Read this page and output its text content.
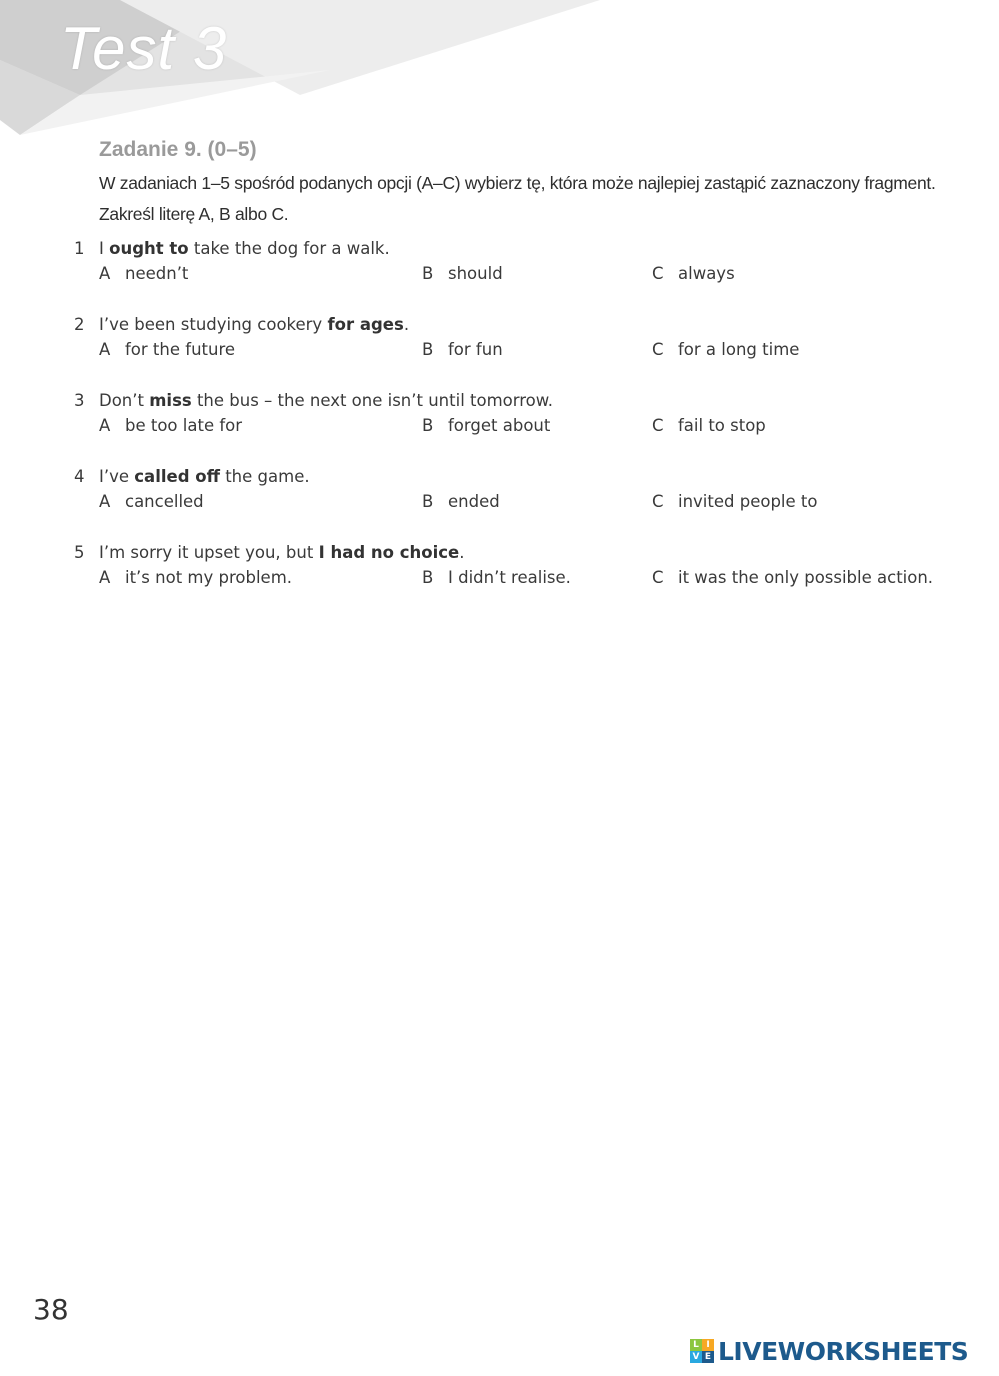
Test 3
Zadanie 9. (0–5)

W zadaniach 1–5 spośród podanych opcji (A–C) wybierz tę, która może najlepiej zastąpić zaznaczony fragment.

Zakreśl literę A, B albo C.

1 I ought to take the dog for a walk.
A needn’t	B should	C always
2 I’ve been studying cookery for ages.
A for the future	B for fun	C for a long time
3 Don’t miss the bus – the next one isn’t until tomorrow.
A be too late for	B forget about	C fail to stop
4 I’ve called off the game.
A cancelled	B ended	C invited people to
5 I’m sorry it upset you, but I had no choice.
A it’s not my problem.	B I didn’t realise.	C it was the only possible action.
38
L I
V E LIVEWORKSHEETS
